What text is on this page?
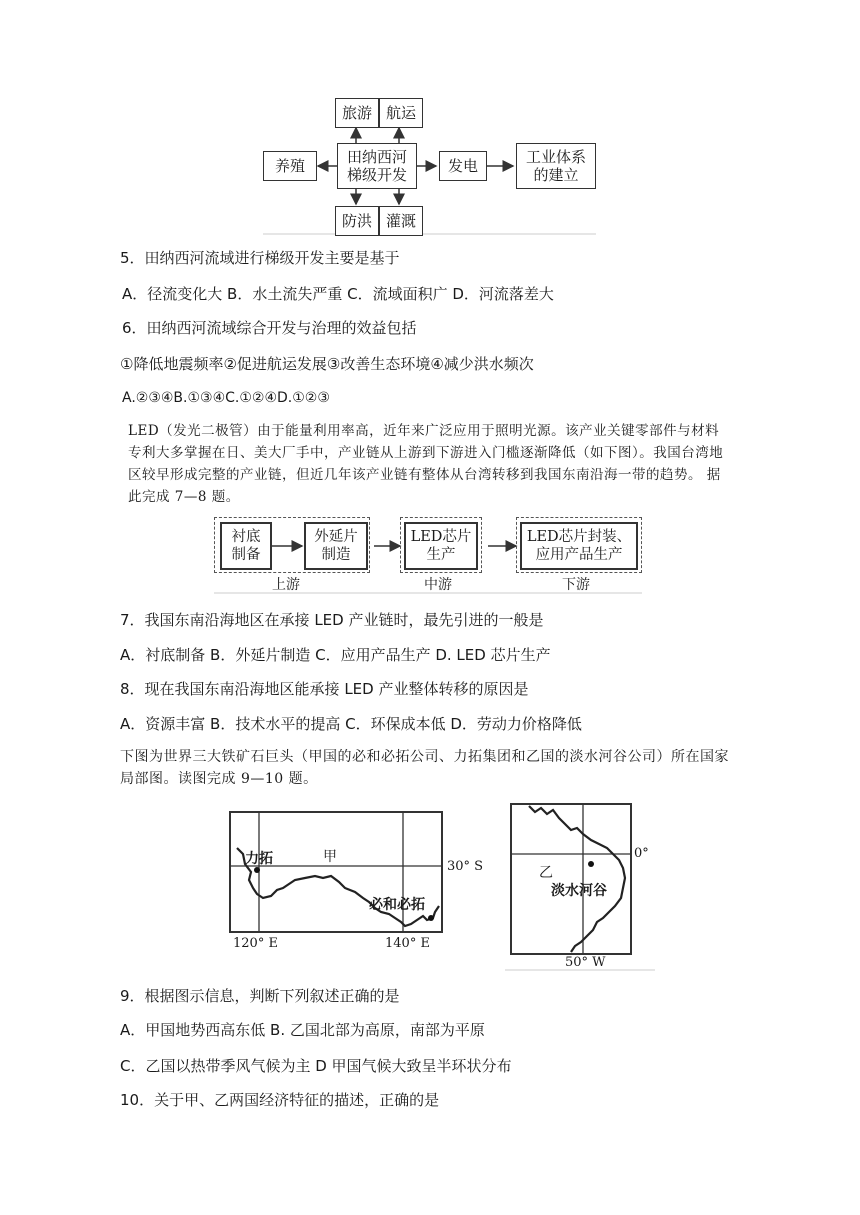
旅游 航运
田纳西河
梯级开发
养殖	发电	工业体系
的建立
防洪 灌溉
5．田纳西河流域进行梯级开发主要是基于
A．径流变化大 B．水土流失严重 C．流域面积广 D．河流落差大
6．田纳西河流域综合开发与治理的效益包括
①降低地震频率②促进航运发展③改善生态环境④减少洪水频次
A.②③④B.①③④C.①②④D.①②③
LED（发光二极管）由于能量利用率高，近年来广泛应用于照明光源。该产业关键零部件与材料专利大多掌握在日、美大厂手中，产业链从上游到下游进入门槛逐渐降低（如下图）。我国台湾地区较早形成完整的产业链，但近几年该产业链有整体从台湾转移到我国东南沿海一带的趋势。 据此完成 7—8 题。
衬底
制备
外延片
制造
LED芯片
生产
LED芯片封装、
应用产品生产
上游	中游	下游
7．我国东南沿海地区在承接 LED 产业链时，最先引进的一般是
A．衬底制备 B．外延片制造 C．应用产品生产 D. LED 芯片生产
8．现在我国东南沿海地区能承接 LED 产业整体转移的原因是
A．资源丰富 B．技术水平的提高 C．环保成本低 D．劳动力价格降低
下图为世界三大铁矿石巨头（甲国的必和必拓公司、力拓集团和乙国的淡水河谷公司）所在国家局部图。读图完成 9—10 题。
力拓	甲
必和必拓
30° S
120° E	140° E
乙
淡水河谷
0°
50° W
9．根据图示信息，判断下列叙述正确的是
A．甲国地势西高东低 B. 乙国北部为高原，南部为平原
C．乙国以热带季风气候为主 D 甲国气候大致呈半环状分布
10．关于甲、乙两国经济特征的描述，正确的是
